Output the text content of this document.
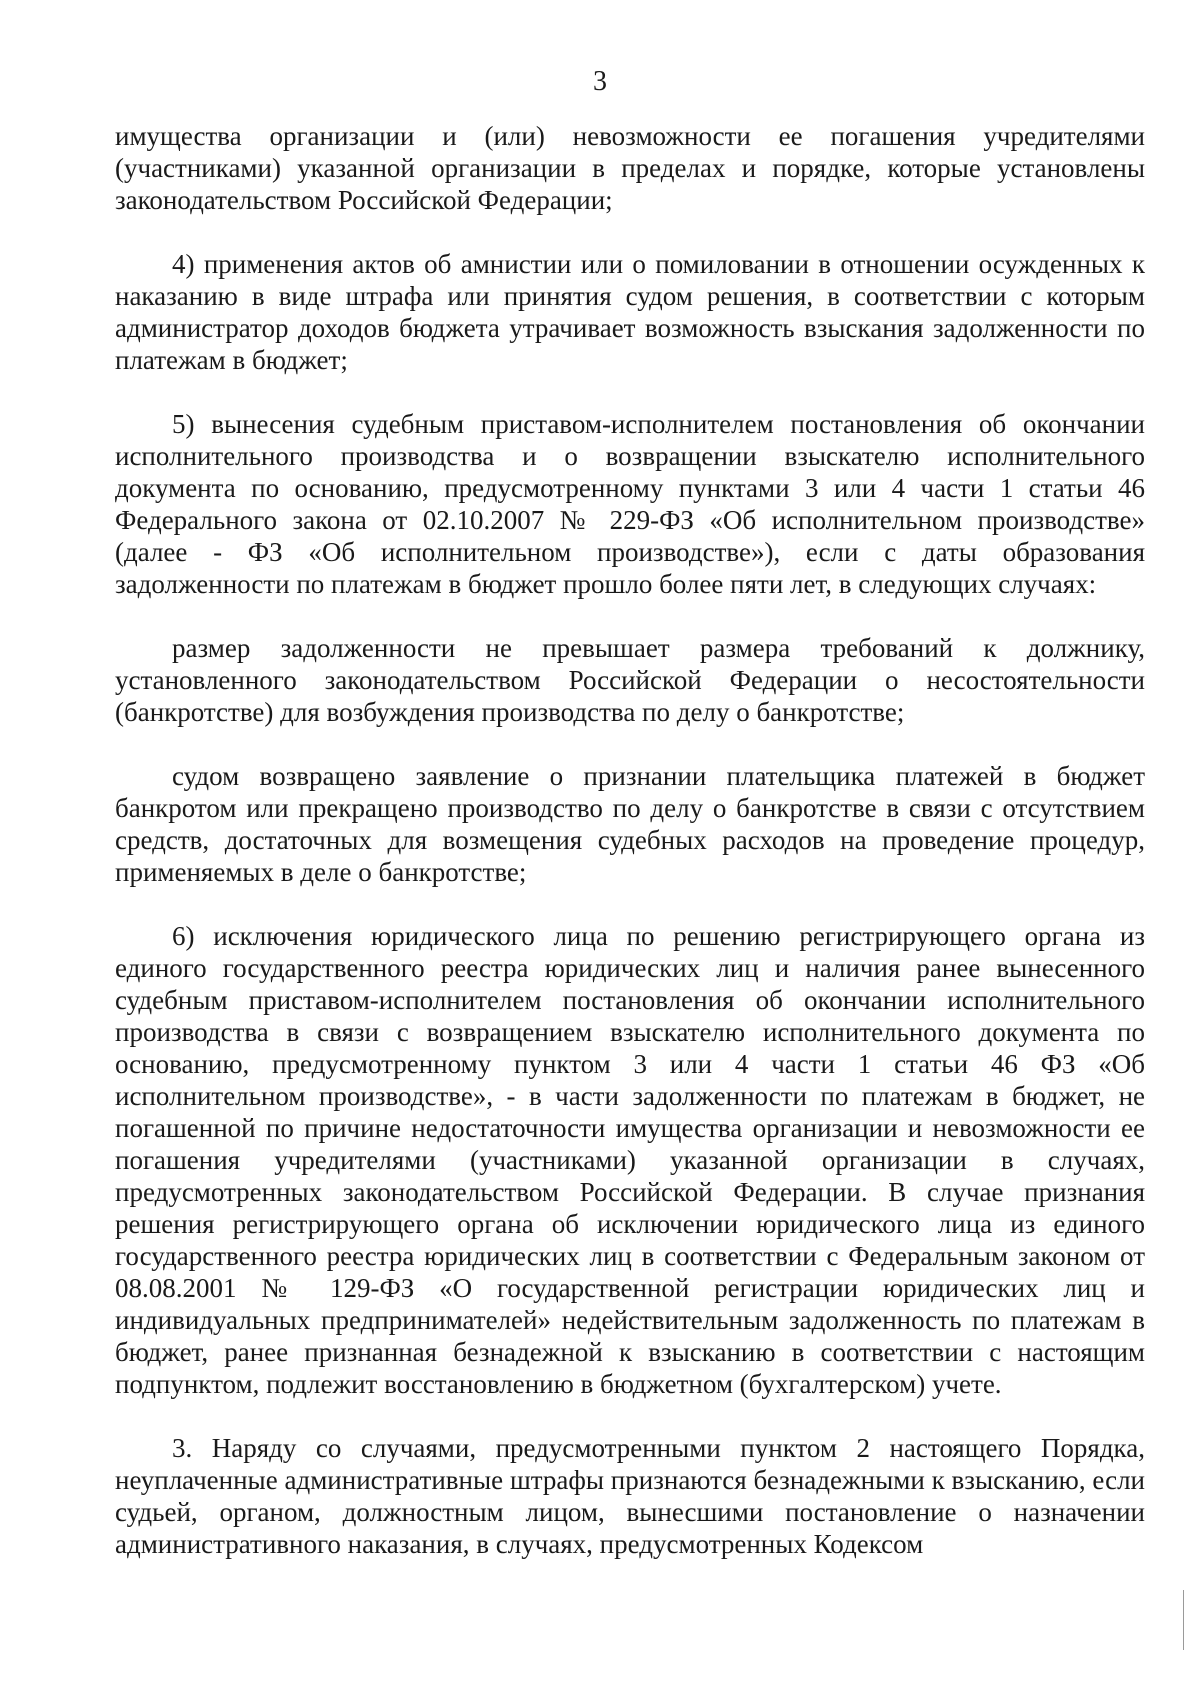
3

имущества организации и (или) невозможности ее погашения учредителями (участниками) указанной организации в пределах и порядке, которые установлены законодательством Российской Федерации;

4) применения актов об амнистии или о помиловании в отношении осужденных к наказанию в виде штрафа или принятия судом решения, в соответствии с которым администратор доходов бюджета утрачивает возможность взыскания задолженности по платежам в бюджет;

5) вынесения судебным приставом-исполнителем постановления об окончании исполнительного производства и о возвращении взыскателю исполнительного документа по основанию, предусмотренному пунктами 3 или 4 части 1 статьи 46 Федерального закона от 02.10.2007 № 229-ФЗ «Об исполнительном производстве» (далее - ФЗ «Об исполнительном производстве»), если с даты образования задолженности по платежам в бюджет прошло более пяти лет, в следующих случаях:

размер задолженности не превышает размера требований к должнику, установленного законодательством Российской Федерации о несостоятельности (банкротстве) для возбуждения производства по делу о банкротстве;

судом возвращено заявление о признании плательщика платежей в бюджет банкротом или прекращено производство по делу о банкротстве в связи с отсутствием средств, достаточных для возмещения судебных расходов на проведение процедур, применяемых в деле о банкротстве;

6) исключения юридического лица по решению регистрирующего органа из единого государственного реестра юридических лиц и наличия ранее вынесенного судебным приставом-исполнителем постановления об окончании исполнительного производства в связи с возвращением взыскателю исполнительного документа по основанию, предусмотренному пунктом 3 или 4 части 1 статьи 46 ФЗ «Об исполнительном производстве», - в части задолженности по платежам в бюджет, не погашенной по причине недостаточности имущества организации и невозможности ее погашения учредителями (участниками) указанной организации в случаях, предусмотренных законодательством Российской Федерации. В случае признания решения регистрирующего органа об исключении юридического лица из единого государственного реестра юридических лиц в соответствии с Федеральным законом от 08.08.2001 № 129-ФЗ «О государственной регистрации юридических лиц и индивидуальных предпринимателей» недействительным задолженность по платежам в бюджет, ранее признанная безнадежной к взысканию в соответствии с настоящим подпунктом, подлежит восстановлению в бюджетном (бухгалтерском) учете.

3. Наряду со случаями, предусмотренными пунктом 2 настоящего Порядка, неуплаченные административные штрафы признаются безнадежными к взысканию, если судьей, органом, должностным лицом, вынесшими постановление о назначении административного наказания, в случаях, предусмотренных Кодексом
